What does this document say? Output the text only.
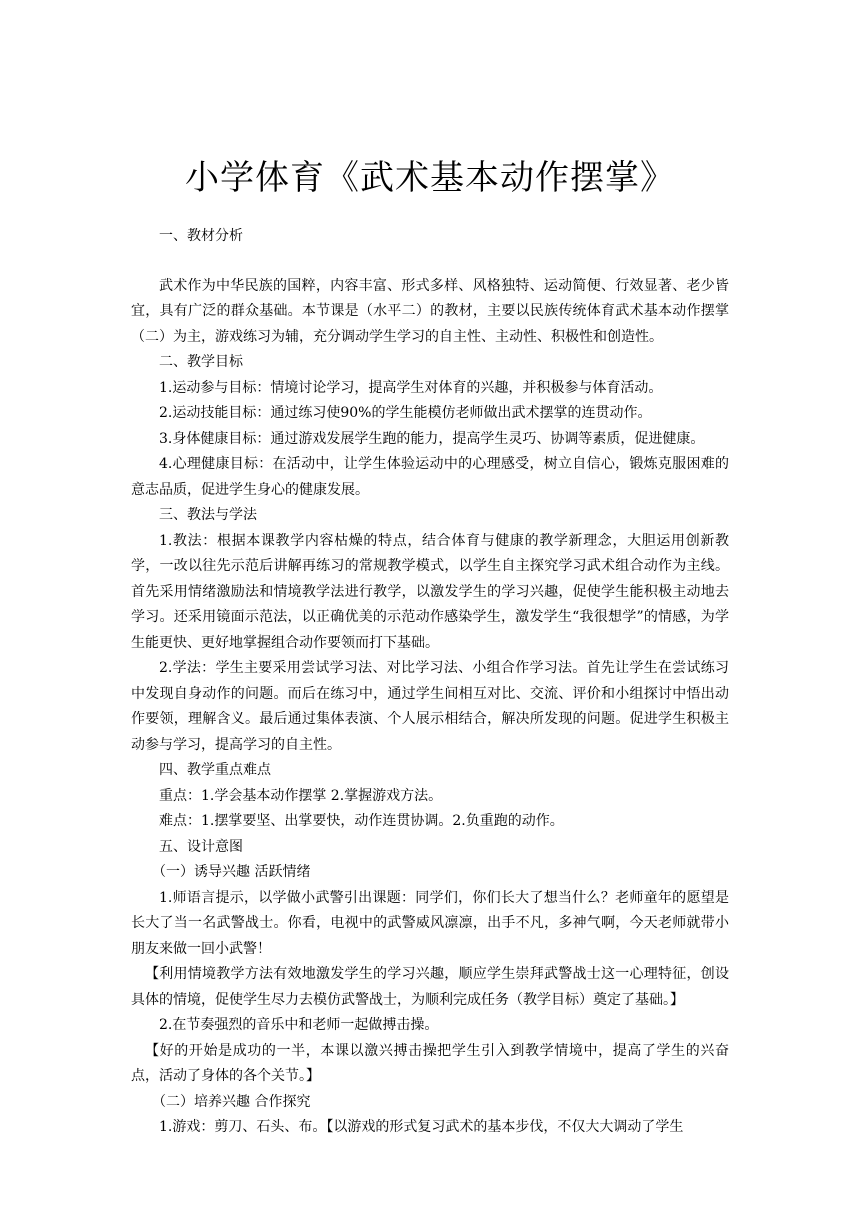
小学体育《武术基本动作摆掌》

一、教材分析

武术作为中华民族的国粹，内容丰富、形式多样、风格独特、运动简便、行效显著、老少皆宜，具有广泛的群众基础。本节课是（水平二）的教材，主要以民族传统体育武术基本动作摆掌（二）为主，游戏练习为辅，充分调动学生学习的自主性、主动性、积极性和创造性。

二、教学目标

1.运动参与目标：情境讨论学习，提高学生对体育的兴趣，并积极参与体育活动。

2.运动技能目标：通过练习使90%的学生能模仿老师做出武术摆掌的连贯动作。

3.身体健康目标：通过游戏发展学生跑的能力，提高学生灵巧、协调等素质，促进健康。

4.心理健康目标：在活动中，让学生体验运动中的心理感受，树立自信心，锻炼克服困难的意志品质，促进学生身心的健康发展。

三、教法与学法

1.教法：根据本课教学内容枯燥的特点，结合体育与健康的教学新理念，大胆运用创新教学，一改以往先示范后讲解再练习的常规教学模式，以学生自主探究学习武术组合动作为主线。首先采用情绪激励法和情境教学法进行教学，以激发学生的学习兴趣，促使学生能积极主动地去学习。还采用镜面示范法，以正确优美的示范动作感染学生，激发学生“我很想学”的情感，为学生能更快、更好地掌握组合动作要领而打下基础。

2.学法：学生主要采用尝试学习法、对比学习法、小组合作学习法。首先让学生在尝试练习中发现自身动作的问题。而后在练习中，通过学生间相互对比、交流、评价和小组探讨中悟出动作要领，理解含义。最后通过集体表演、个人展示相结合，解决所发现的问题。促进学生积极主动参与学习，提高学习的自主性。

四、教学重点难点

重点：1.学会基本动作摆掌 2.掌握游戏方法。

难点：1.摆掌要坚、出掌要快，动作连贯协调。2.负重跑的动作。

五、设计意图

（一）诱导兴趣 活跃情绪

1.师语言提示，以学做小武警引出课题：同学们，你们长大了想当什么？老师童年的愿望是长大了当一名武警战士。你看，电视中的武警威风凛凛，出手不凡，多神气啊，今天老师就带小朋友来做一回小武警！

【利用情境教学方法有效地激发学生的学习兴趣，顺应学生崇拜武警战士这一心理特征，创设具体的情境，促使学生尽力去模仿武警战士，为顺利完成任务（教学目标）奠定了基础。】

2.在节奏强烈的音乐中和老师一起做搏击操。

【好的开始是成功的一半，本课以激兴搏击操把学生引入到教学情境中，提高了学生的兴奋点，活动了身体的各个关节。】

（二）培养兴趣 合作探究

1.游戏：剪刀、石头、布。【以游戏的形式复习武术的基本步伐，不仅大大调动了学生
